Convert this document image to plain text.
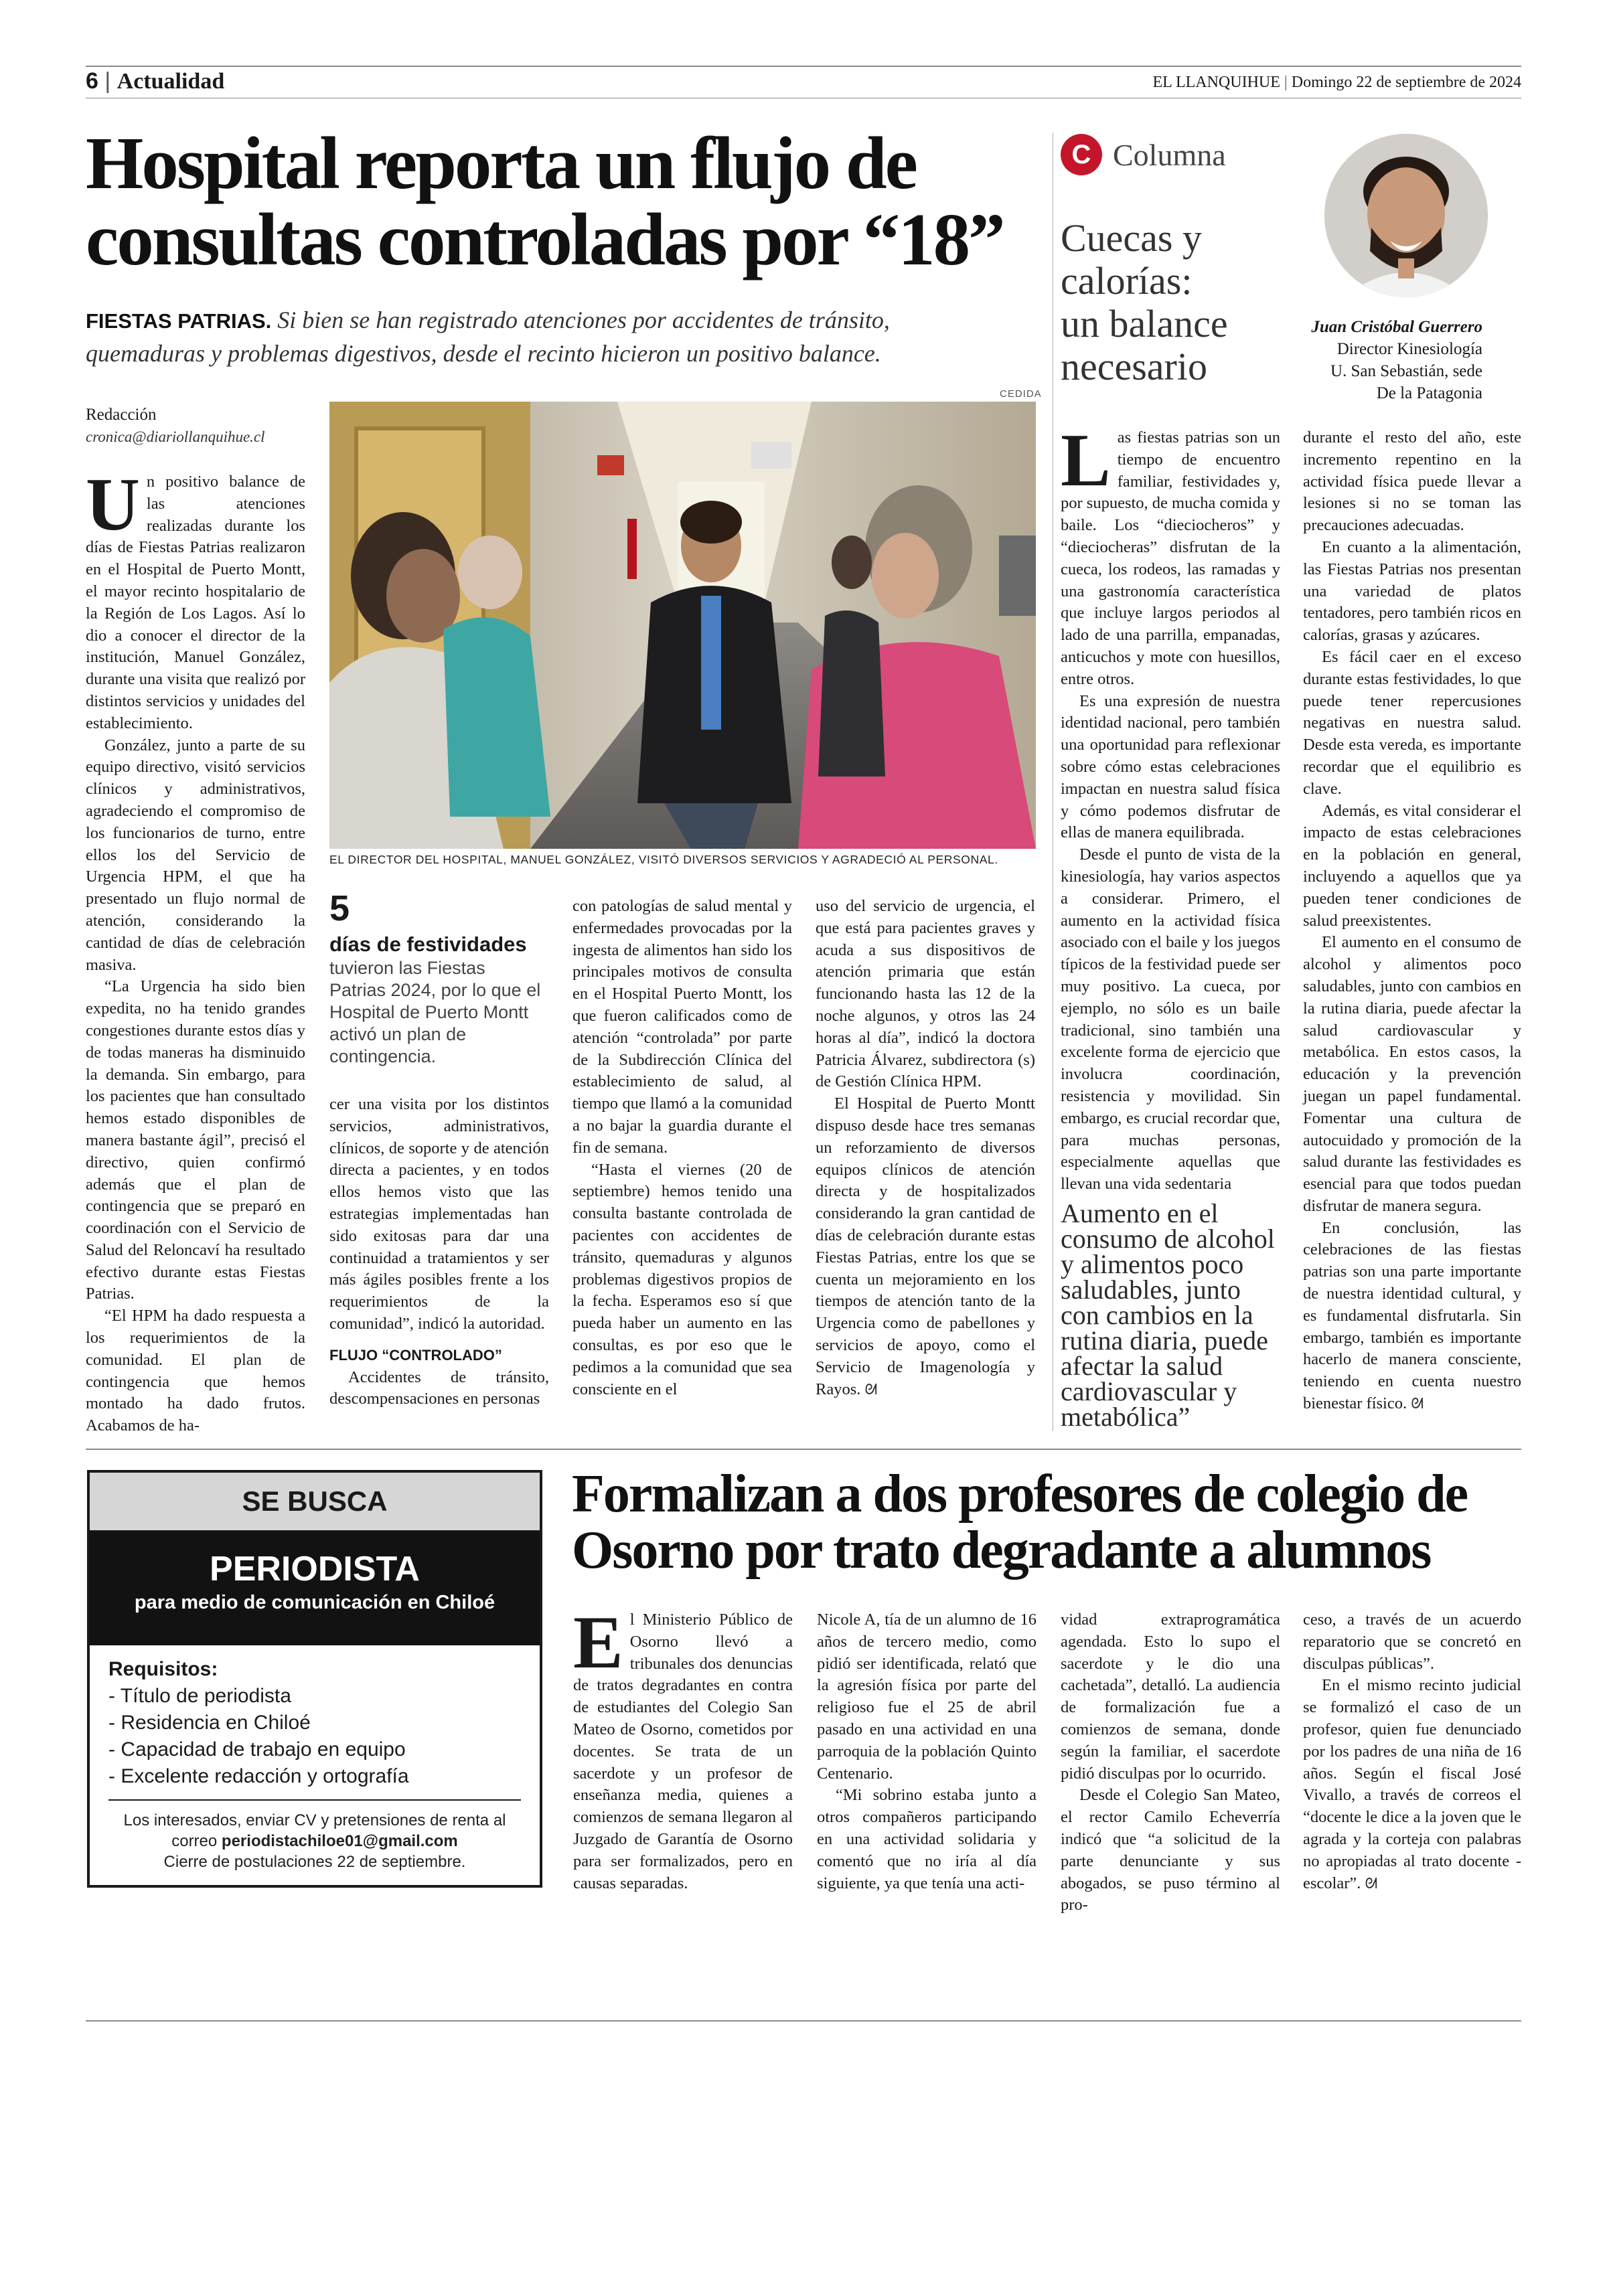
6 | Actualidad	EL LLANQUIHUE | Domingo 22 de septiembre de 2024
Hospital reporta un flujo de
consultas controladas por “18”
FIESTAS PATRIAS. Si bien se han registrado atenciones por accidentes de tránsito,
quemaduras y problemas digestivos, desde el recinto hicieron un positivo balance.
Redacción
cronica@diariollanquihue.cl
CEDIDA
EL DIRECTOR DEL HOSPITAL, MANUEL GONZÁLEZ, VISITÓ DIVERSOS SERVICIOS Y AGRADECIÓ AL PERSONAL.

Un positivo balance de las atenciones realizadas durante los días de Fiestas Patrias realizaron en el Hospital de Puerto Montt, el mayor recinto hospitalario de la Región de Los Lagos. Así lo dio a conocer el director de la institución, Manuel González, durante una visita que realizó por distintos servicios y unidades del establecimiento.

González, junto a parte de su equipo directivo, visitó servicios clínicos y administrativos, agradeciendo el compromiso de los funcionarios de turno, entre ellos los del Servicio de Urgencia HPM, el que ha presentado un flujo normal de atención, considerando la cantidad de días de celebración masiva.

“La Urgencia ha sido bien expedita, no ha tenido grandes congestiones durante estos días y de todas maneras ha disminuido la demanda. Sin embargo, para los pacientes que han consultado hemos estado disponibles de manera bastante ágil”, precisó el directivo, quien confirmó además que el plan de contingencia que se preparó en coordinación con el Servicio de Salud del Reloncaví ha resultado efectivo durante estas Fiestas Patrias.

“El HPM ha dado respuesta a los requerimientos de la comunidad. El plan de contingencia que hemos montado ha dado frutos. Acabamos de ha-

5
días de festividades
tuvieron las Fiestas Patrias 2024, por lo que el Hospital de Puerto Montt activó un plan de contingencia.

cer una visita por los distintos servicios, administrativos, clínicos, de soporte y de atención directa a pacientes, y en todos ellos hemos visto que las estrategias implementadas han sido exitosas para dar una continuidad a tratamientos y ser más ágiles posibles frente a los requerimientos de la comunidad”, indicó la autoridad.

FLUJO “CONTROLADO”

Accidentes de tránsito, descompensaciones en personas

con patologías de salud mental y enfermedades provocadas por la ingesta de alimentos han sido los principales motivos de consulta en el Hospital Puerto Montt, los que fueron calificados como de atención “controlada” por parte de la Subdirección Clínica del establecimiento de salud, al tiempo que llamó a la comunidad a no bajar la guardia durante el fin de semana.

“Hasta el viernes (20 de septiembre) hemos tenido una consulta bastante controlada de pacientes con accidentes de tránsito, quemaduras y algunos problemas digestivos propios de la fecha. Esperamos eso sí que pueda haber un aumento en las consultas, es por eso que le pedimos a la comunidad que sea consciente en el

uso del servicio de urgencia, el que está para pacientes graves y acuda a sus dispositivos de atención primaria que están funcionando hasta las 12 de la noche algunos, y otros las 24 horas al día”, indicó la doctora Patricia Álvarez, subdirectora (s) de Gestión Clínica HPM.

El Hospital de Puerto Montt dispuso desde hace tres semanas un reforzamiento de diversos equipos clínicos de atención directa y de hospitalizados considerando la gran cantidad de días de celebración durante estas Fiestas Patrias, entre los que se cuenta un mejoramiento en los tiempos de atención tanto de la Urgencia como de pabellones y servicios de apoyo, como el Servicio de Imagenología y Rayos. ᘛ

C Columna
Cuecas y
calorías:
un balance
necesario
Juan Cristóbal Guerrero
Director Kinesiología
U. San Sebastián, sede
De la Patagonia

Las fiestas patrias son un tiempo de encuentro familiar, festividades y, por supuesto, de mucha comida y baile. Los “dieciocheros” y “dieciocheras” disfrutan de la cueca, los rodeos, las ramadas y una gastronomía característica que incluye largos periodos al lado de una parrilla, empanadas, anticuchos y mote con huesillos, entre otros.

Es una expresión de nuestra identidad nacional, pero también una oportunidad para reflexionar sobre cómo estas celebraciones impactan en nuestra salud física y cómo podemos disfrutar de ellas de manera equilibrada.

Desde el punto de vista de la kinesiología, hay varios aspectos a considerar. Primero, el aumento en la actividad física asociado con el baile y los juegos típicos de la festividad puede ser muy positivo. La cueca, por ejemplo, no sólo es un baile tradicional, sino también una excelente forma de ejercicio que involucra coordinación, resistencia y movilidad. Sin embargo, es crucial recordar que, para muchas personas, especialmente aquellas que llevan una vida sedentaria

Aumento en el consumo de alcohol y alimentos poco saludables, junto con cambios en la rutina diaria, puede afectar la salud cardiovascular y metabólica”

durante el resto del año, este incremento repentino en la actividad física puede llevar a lesiones si no se toman las precauciones adecuadas.

En cuanto a la alimentación, las Fiestas Patrias nos presentan una variedad de platos tentadores, pero también ricos en calorías, grasas y azúcares.

Es fácil caer en el exceso durante estas festividades, lo que puede tener repercusiones negativas en nuestra salud. Desde esta vereda, es importante recordar que el equilibrio es clave.

Además, es vital considerar el impacto de estas celebraciones en la población en general, incluyendo a aquellos que ya pueden tener condiciones de salud preexistentes.

El aumento en el consumo de alcohol y alimentos poco saludables, junto con cambios en la rutina diaria, puede afectar la salud cardiovascular y metabólica. En estos casos, la educación y la prevención juegan un papel fundamental. Fomentar una cultura de autocuidado y promoción de la salud durante las festividades es esencial para que todos puedan disfrutar de manera segura.

En conclusión, las celebraciones de las fiestas patrias son una parte importante de nuestra identidad cultural, y es fundamental disfrutarla. Sin embargo, también es importante hacerlo de manera consciente, teniendo en cuenta nuestro bienestar físico. ᘛ

SE BUSCA
PERIODISTA
para medio de comunicación en Chiloé
Requisitos:
- Título de periodista
- Residencia en Chiloé
- Capacidad de trabajo en equipo
- Excelente redacción y ortografía
Los interesados, enviar CV y pretensiones de renta al
correo periodistachiloe01@gmail.com
Cierre de postulaciones 22 de septiembre.
Formalizan a dos profesores de colegio de
Osorno por trato degradante a alumnos

El Ministerio Público de Osorno llevó a tribunales dos denuncias de tratos degradantes en contra de estudiantes del Colegio San Mateo de Osorno, cometidos por docentes. Se trata de un sacerdote y un profesor de enseñanza media, quienes a comienzos de semana llegaron al Juzgado de Garantía de Osorno para ser formalizados, pero en causas separadas.

Nicole A, tía de un alumno de 16 años de tercero medio, como pidió ser identificada, relató que la agresión física por parte del religioso fue el 25 de abril pasado en una actividad en una parroquia de la población Quinto Centenario.

“Mi sobrino estaba junto a otros compañeros participando en una actividad solidaria y comentó que no iría al día siguiente, ya que tenía una acti-

vidad extraprogramática agendada. Esto lo supo el sacerdote y le dio una cachetada”, detalló. La audiencia de formalización fue a comienzos de semana, donde según la familiar, el sacerdote pidió disculpas por lo ocurrido.

Desde el Colegio San Mateo, el rector Camilo Echeverría indicó que “a solicitud de la parte denunciante y sus abogados, se puso término al pro-

ceso, a través de un acuerdo reparatorio que se concretó en disculpas públicas”.

En el mismo recinto judicial se formalizó el caso de un profesor, quien fue denunciado por los padres de una niña de 16 años. Según el fiscal José Vivallo, a través de correos el “docente le dice a la joven que le agrada y la corteja con palabras no apropiadas al trato docente - escolar”. ᘛ
